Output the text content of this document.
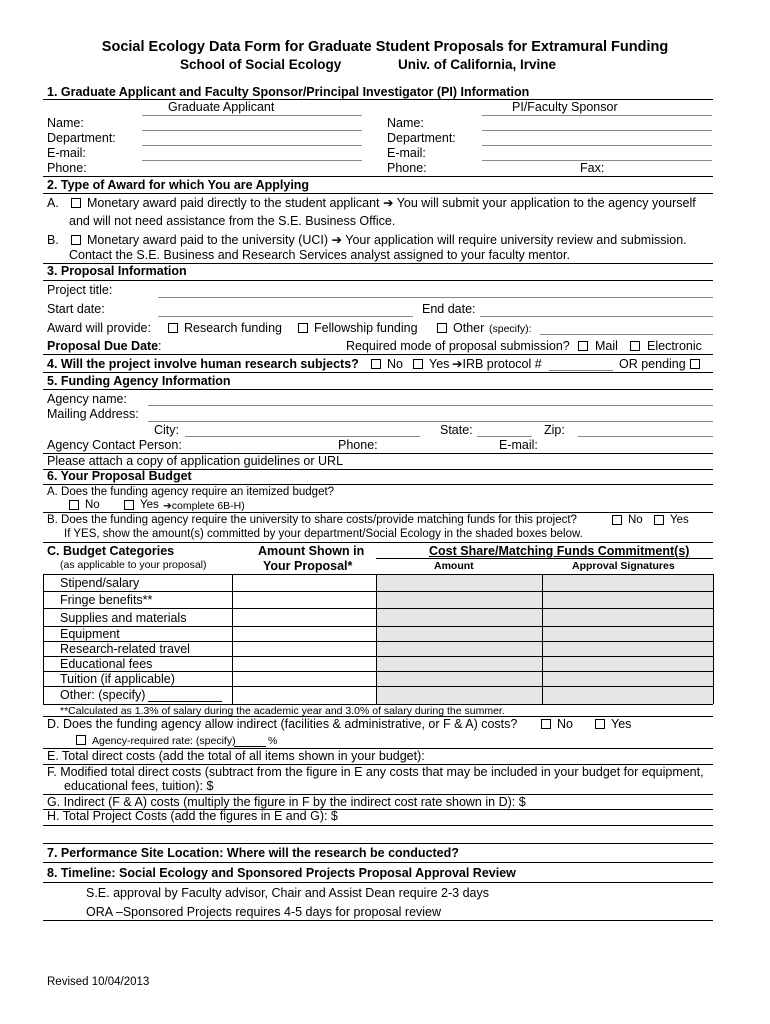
Social Ecology Data Form for Graduate Student Proposals for Extramural Funding
School of Social Ecology	Univ. of California, Irvine
1. Graduate Applicant and Faculty Sponsor/Principal Investigator (PI) Information
Graduate Applicant	PI/Faculty Sponsor
Name:	Name:
Department:	Department:
E-mail:	E-mail:
Phone:	Phone:	Fax:
2. Type of Award for which You are Applying
A. Monetary award paid directly to the student applicant ➔ You will submit your application to the agency yourself
and will not need assistance from the S.E. Business Office.
B. Monetary award paid to the university (UCI) ➔ Your application will require university review and submission.
Contact the S.E. Business and Research Services analyst assigned to your faculty mentor.
3. Proposal Information
Project title:
Start date:	End date:
Award will provide:	Research funding	Fellowship funding	Other (specify):
Proposal Due Date :	Required mode of proposal submission? Mail Electronic
4. Will the project involve human research subjects? No Yes ➔IRB protocol #	OR pending
5. Funding Agency Information
Agency name:
Mailing Address:
City:	State:	Zip:
Agency Contact Person:	Phone:	E-mail:
Please attach a copy of application guidelines or URL
6. Your Proposal Budget
A. Does the funding agency require an itemized budget?
No	Yes ➔complete 6B-H)
B. Does the funding agency require the university to share costs/provide matching funds for this project?	No Yes
If YES, show the amount(s) committed by your department/Social Ecology in the shaded boxes below.
C. Budget Categories
(as applicable to your proposal)
Amount Shown in
Your Proposal*
Cost Share/Matching Funds Commitment(s)
Amount	Approval Signatures
Stipend/salary
Fringe benefits**
Supplies and materials
Equipment
Research-related travel
Educational fees
Tuition (if applicable)
Other: (specify)
**Calculated as 1.3% of salary during the academic year and 3.0% of salary during the summer.
D. Does the funding agency allow indirect (facilities & administrative, or F & A) costs?	No	Yes
Agency-required rate: (specify)	%
E. Total direct costs (add the total of all items shown in your budget):
F. Modified total direct costs (subtract from the figure in E any costs that may be included in your budget for equipment,
educational fees, tuition): $
G. Indirect (F & A) costs (multiply the figure in F by the indirect cost rate shown in D): $
H. Total Project Costs (add the figures in E and G): $
7. Performance Site Location: Where will the research be conducted?
8. Timeline: Social Ecology and Sponsored Projects Proposal Approval Review
S.E. approval by Faculty advisor, Chair and Assist Dean require 2-3 days
ORA –Sponsored Projects requires 4-5 days for proposal review
Revised 10/04/2013
